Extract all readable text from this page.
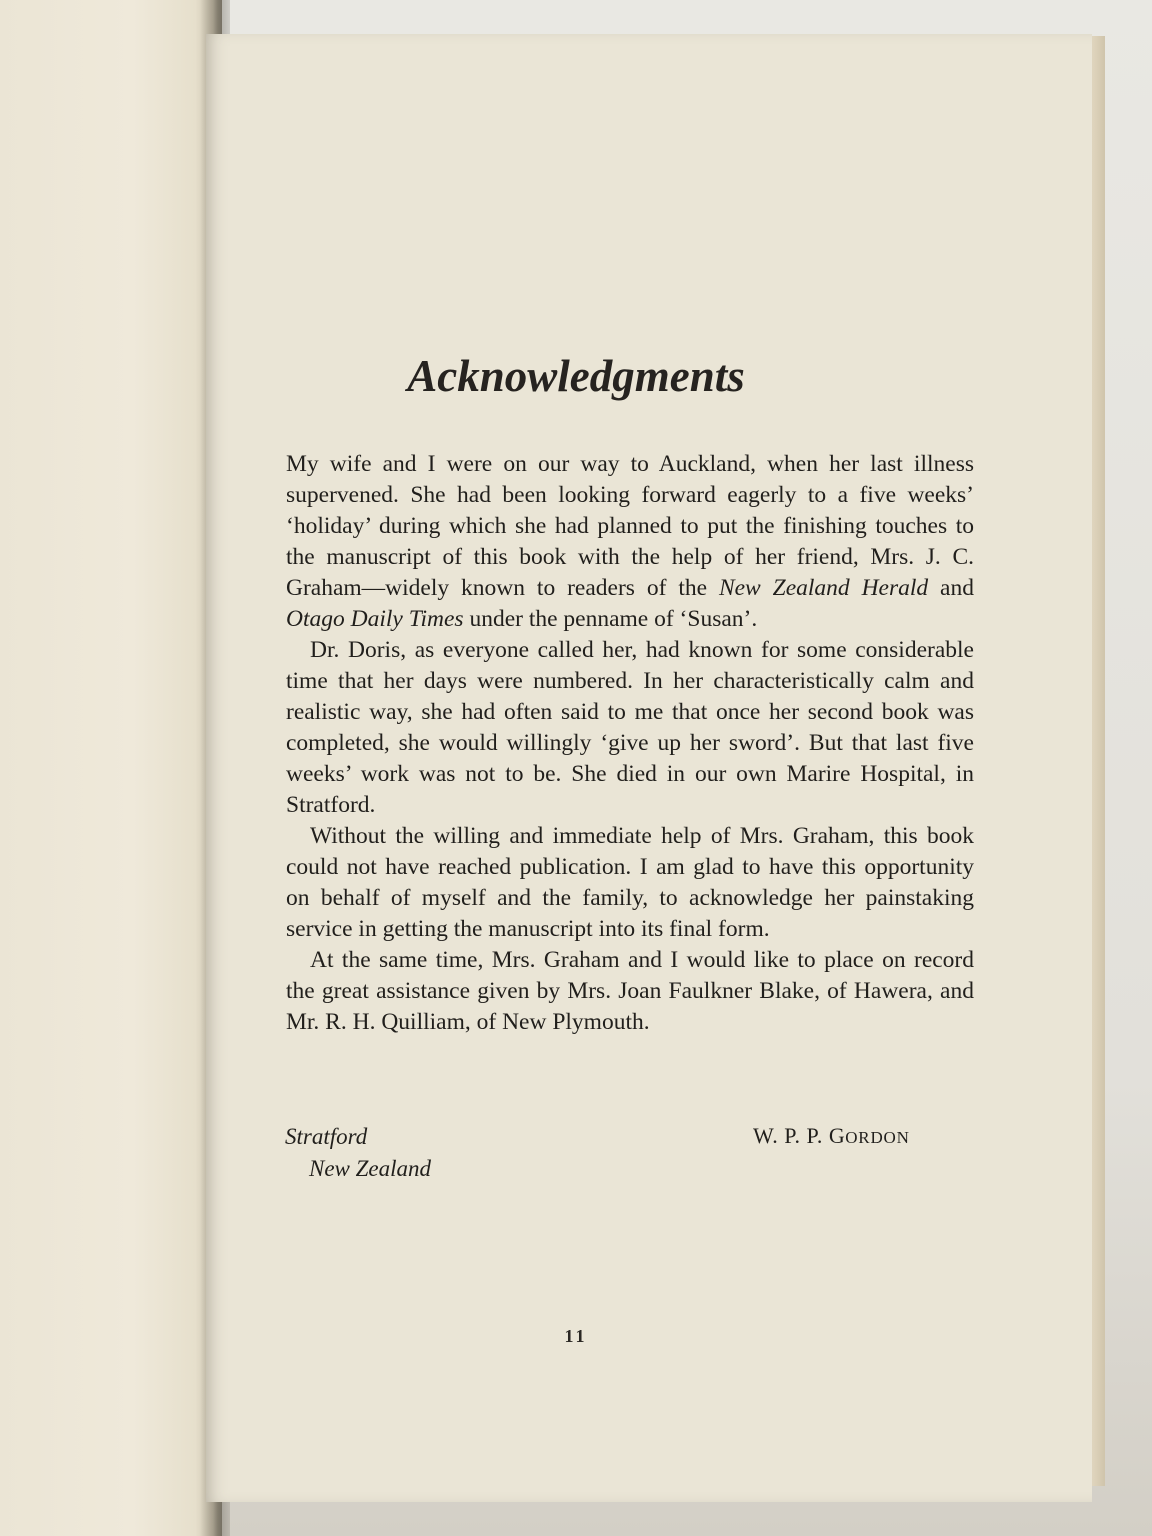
Acknowledgments

My wife and I were on our way to Auckland, when her last illness supervened. She had been looking forward eagerly to a five weeks’ ‘holiday’ during which she had planned to put the finishing touches to the manuscript of this book with the help of her friend, Mrs. J. C. Graham—widely known to readers of the New Zealand Herald and Otago Daily Times under the penname of ‘Susan’.

Dr. Doris, as everyone called her, had known for some considerable time that her days were numbered. In her characteristically calm and realistic way, she had often said to me that once her second book was completed, she would willingly ‘give up her sword’. But that last five weeks’ work was not to be. She died in our own Marire Hospital, in Stratford.

Without the willing and immediate help of Mrs. Graham, this book could not have reached publication. I am glad to have this opportunity on behalf of myself and the family, to acknowledge her painstaking service in getting the manuscript into its final form.

At the same time, Mrs. Graham and I would like to place on record the great assistance given by Mrs. Joan Faulkner Blake, of Hawera, and Mr. R. H. Quilliam, of New Plymouth.

Stratford
New Zealand
W. P. P. GORDON
11
